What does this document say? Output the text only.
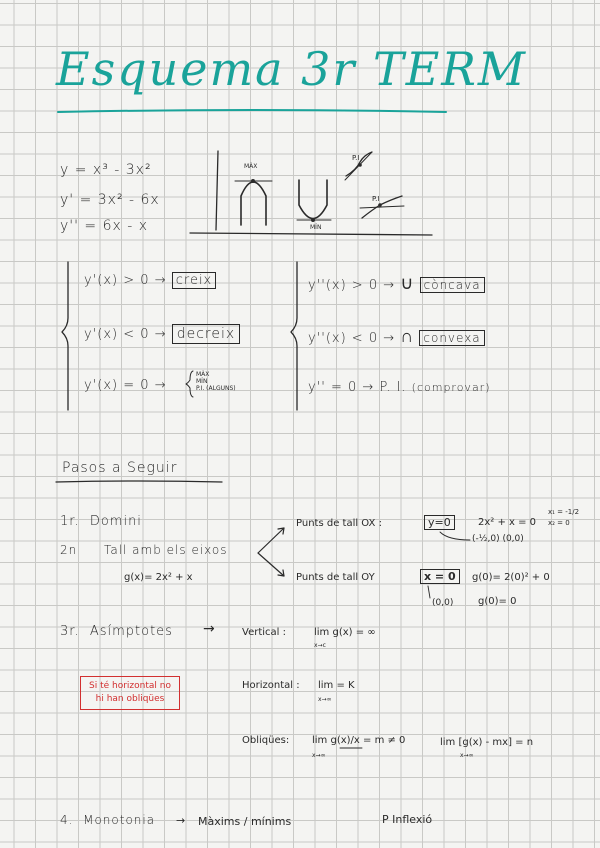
Esquema 3r TERM
y = x³ - 3x²
y' = 3x² - 6x
y'' = 6x - x
MÀX
MÍN
P.I
P.I
y'(x) > 0 → creix
y'(x) < 0 → decreix
y'(x) = 0 →
MÀX
MÍN
P.I. (ALGUNS)
y''(x) > 0 → ∪ còncava
y''(x) < 0 → ∩ convexa
y'' = 0 → P. I. (comprovar)
Pasos a Seguir
1r. Domini
2n Tall amb els eixos
g(x)= 2x² + x
Punts de tall OX :	y=0	2x² + x = 0
(-½,0) (0,0)
x₁ = -1/2
x₂ = 0
Punts de tall OY	x = 0	g(0)= 2(0)² + 0
(0,0) g(0)= 0
3r. Asímptotes →	Vertical :	lim g(x) = ∞
x→c
Si té horizontal no hi han obliqües
Horizontal : lim = K
x→∞
Obliqües: lim g(x)/x = m ≠ 0
x→∞
lim [g(x) - mx] = n
x→∞
4. Monotonia → Màxims / mínims	P Inflexió
